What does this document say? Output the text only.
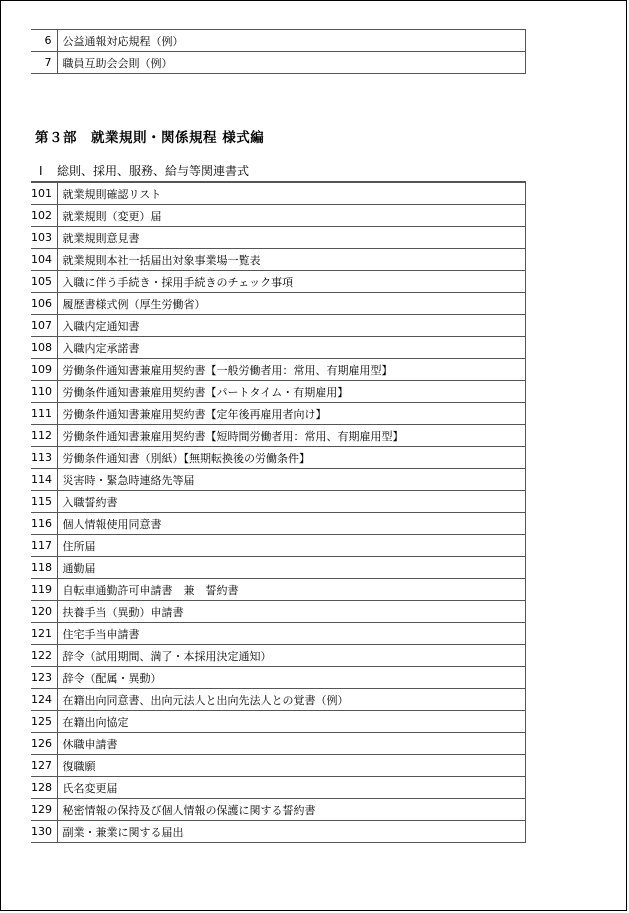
6	公益通報対応規程（例）
7	職員互助会会則（例）
第３部　就業規則・関係規程 様式編
Ⅰ 総則、採用、服務、給与等関連書式
101	就業規則確認リスト
102	就業規則（変更）届
103	就業規則意見書
104	就業規則本社一括届出対象事業場一覧表
105	入職に伴う手続き・採用手続きのチェック事項
106	履歴書様式例（厚生労働省）
107	入職内定通知書
108	入職内定承諾書
109	労働条件通知書兼雇用契約書【一般労働者用：常用、有期雇用型】
110	労働条件通知書兼雇用契約書【パートタイム・有期雇用】
111	労働条件通知書兼雇用契約書【定年後再雇用者向け】
112	労働条件通知書兼雇用契約書【短時間労働者用：常用、有期雇用型】
113	労働条件通知書（別紙）【無期転換後の労働条件】
114	災害時・緊急時連絡先等届
115	入職誓約書
116	個人情報使用同意書
117	住所届
118	通勤届
119	自転車通勤許可申請書　兼　誓約書
120	扶養手当（異動）申請書
121	住宅手当申請書
122	辞令（試用期間、満了・本採用決定通知）
123	辞令（配属・異動）
124	在籍出向同意書、出向元法人と出向先法人との覚書（例）
125	在籍出向協定
126	休職申請書
127	復職願
128	氏名変更届
129	秘密情報の保持及び個人情報の保護に関する誓約書
130	副業・兼業に関する届出
